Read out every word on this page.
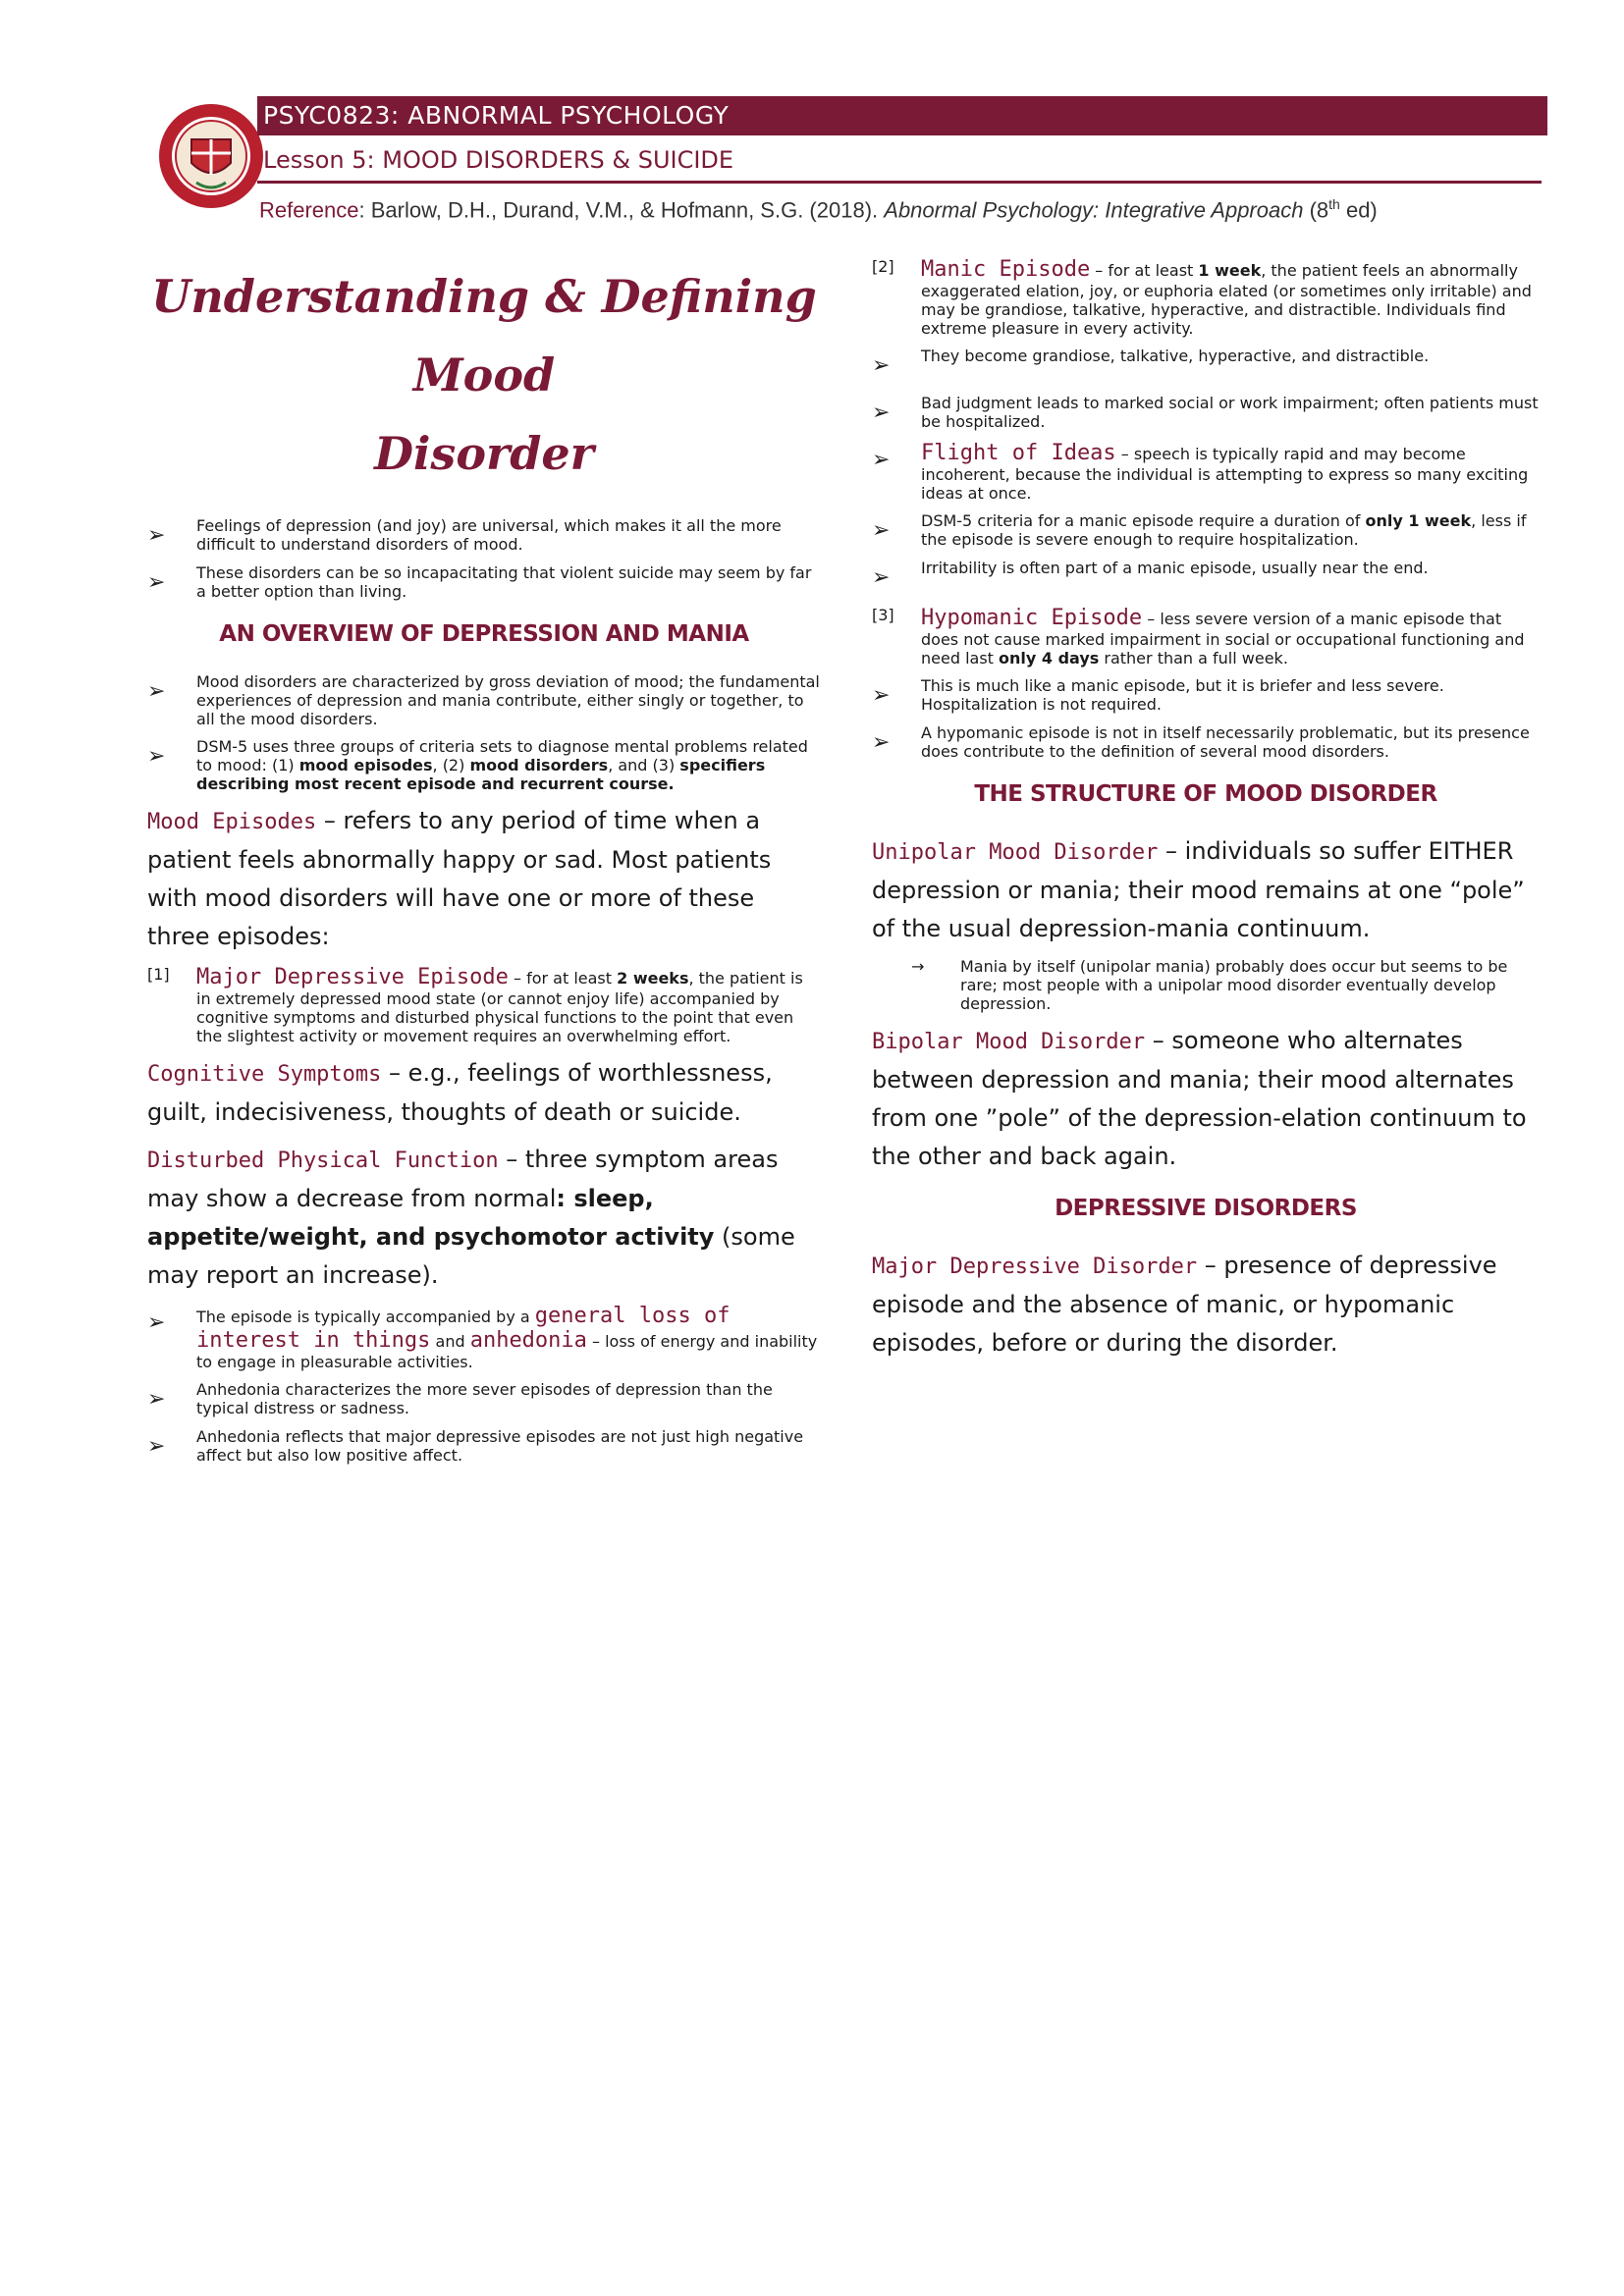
PSYC0823: ABNORMAL PSYCHOLOGY
Lesson 5: MOOD DISORDERS & SUICIDE
Reference: Barlow, D.H., Durand, V.M., & Hofmann, S.G. (2018). Abnormal Psychology: Integrative Approach (8th ed)
Understanding & Defining Mood
Disorder
➢	Feelings of depression (and joy) are universal, which makes it all the more difficult to understand disorders of mood.
➢	These disorders can be so incapacitating that violent suicide may seem by far a better option than living.
AN OVERVIEW OF DEPRESSION AND MANIA
➢	Mood disorders are characterized by gross deviation of mood; the fundamental experiences of depression and mania contribute, either singly or together, to all the mood disorders.
➢	DSM-5 uses three groups of criteria sets to diagnose mental problems related to mood: (1) mood episodes, (2) mood disorders, and (3) specifiers describing most recent episode and recurrent course.

Mood Episodes – refers to any period of time when a patient feels abnormally happy or sad. Most patients with mood disorders will have one or more of these three episodes:

[1]	Major Depressive Episode – for at least 2 weeks, the patient is in extremely depressed mood state (or cannot enjoy life) accompanied by cognitive symptoms and disturbed physical functions to the point that even the slightest activity or movement requires an overwhelming effort.

Cognitive Symptoms – e.g., feelings of worthlessness, guilt, indecisiveness, thoughts of death or suicide.

Disturbed Physical Function – three symptom areas may show a decrease from normal: sleep, appetite/weight, and psychomotor activity (some may report an increase).

➢	The episode is typically accompanied by a general loss of interest in things and anhedonia – loss of energy and inability to engage in pleasurable activities.
➢	Anhedonia characterizes the more sever episodes of depression than the typical distress or sadness.
➢	Anhedonia reflects that major depressive episodes are not just high negative affect but also low positive affect.
[2]	Manic Episode – for at least 1 week, the patient feels an abnormally exaggerated elation, joy, or euphoria elated (or sometimes only irritable) and may be grandiose, talkative, hyperactive, and distractible. Individuals find extreme pleasure in every activity.
➢	They become grandiose, talkative, hyperactive, and distractible.
➢	Bad judgment leads to marked social or work impairment; often patients must be hospitalized.
➢	Flight of Ideas – speech is typically rapid and may become incoherent, because the individual is attempting to express so many exciting ideas at once.
➢	DSM-5 criteria for a manic episode require a duration of only 1 week, less if the episode is severe enough to require hospitalization.
➢	Irritability is often part of a manic episode, usually near the end.
[3]	Hypomanic Episode – less severe version of a manic episode that does not cause marked impairment in social or occupational functioning and need last only 4 days rather than a full week.
➢	This is much like a manic episode, but it is briefer and less severe. Hospitalization is not required.
➢	A hypomanic episode is not in itself necessarily problematic, but its presence does contribute to the definition of several mood disorders.
THE STRUCTURE OF MOOD DISORDER

Unipolar Mood Disorder – individuals so suffer EITHER depression or mania; their mood remains at one “pole” of the usual depression-mania continuum.

→	Mania by itself (unipolar mania) probably does occur but seems to be rare; most people with a unipolar mood disorder eventually develop depression.

Bipolar Mood Disorder – someone who alternates between depression and mania; their mood alternates from one ”pole” of the depression-elation continuum to the other and back again.

DEPRESSIVE DISORDERS

Major Depressive Disorder – presence of depressive episode and the absence of manic, or hypomanic episodes, before or during the disorder.
